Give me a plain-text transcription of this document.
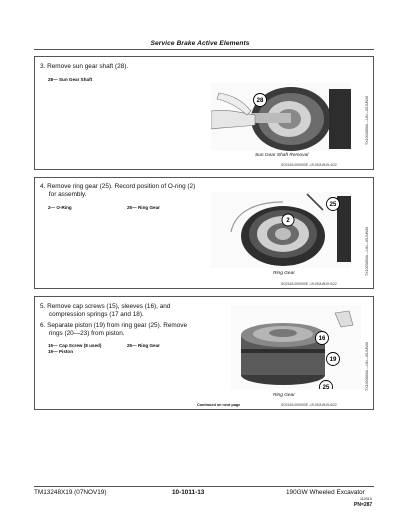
Service Brake Active Elements
3. Remove sun gear shaft (28).
28— Sun Gear Shaft
28	TX1003856A —UN—05JUN06
Sun Gear Shaft Removal
SG2163,000000E -19-05JUN19-4/22
4. Remove ring gear (25). Record position of O-ring (2)
for assembly.
2— O-Ring	25— Ring Gear	25
2
TX1003850A —UN—05JUN06
Ring Gear
SG2163,000000E -19-05JUN19-5/22
5. Remove cap screws (15), sleeves (16), and
compression springs (17 and 18).
6. Separate piston (19) from ring gear (25). Remove
rings (20—23) from piston.
15— Cap Screw (8 used)
19— Piston
25— Ring Gear
16
19
25	TX1003860A —UN—05JUN06
Ring Gear
Continued on next page	SG2163,000000E -19-05JUN19-6/22
TM13248X19 (07NOV19)	10-1011-13	190GW Wheeled Excavator
110319
PN=287
